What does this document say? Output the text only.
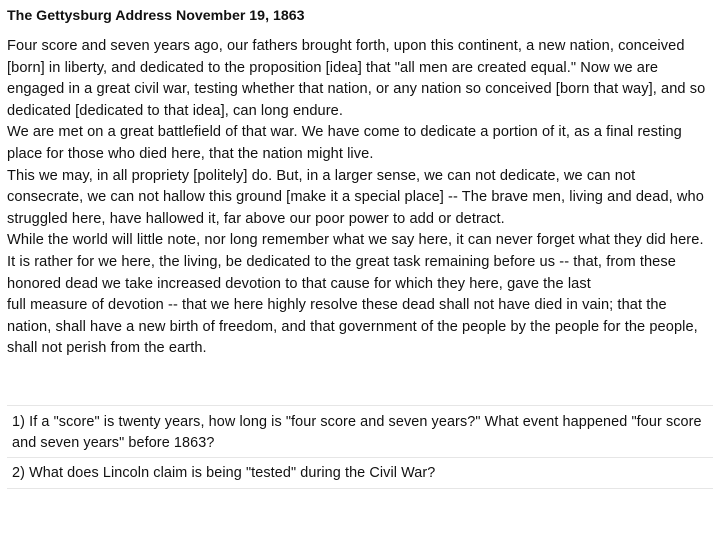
The Gettysburg Address November 19, 1863

Four score and seven years ago, our fathers brought forth, upon this continent, a new nation, conceived [born] in liberty, and dedicated to the proposition [idea] that "all men are created equal." Now we are engaged in a great civil war, testing whether that nation, or any nation so conceived [born that way], and so dedicated [dedicated to that idea], can long endure.

We are met on a great battlefield of that war. We have come to dedicate a portion of it, as a final resting place for those who died here, that the nation might live.

This we may, in all propriety [politely] do. But, in a larger sense, we can not dedicate, we can not consecrate, we can not hallow this ground [make it a special place] -- The brave men, living and dead, who struggled here, have hallowed it, far above our poor power to add or detract.

While the world will little note, nor long remember what we say here, it can never forget what they did here.

It is rather for we here, the living, be dedicated to the great task remaining before us -- that, from these honored dead we take increased devotion to that cause for which they here, gave the last

full measure of devotion -- that we here highly resolve these dead shall not have died in vain; that the nation, shall have a new birth of freedom, and that government of the people by the people for the people, shall not perish from the earth.

1) If a "score" is twenty years, how long is "four score and seven years?" What event happened "four score and seven years" before 1863?
2) What does Lincoln claim is being "tested" during the Civil War?
